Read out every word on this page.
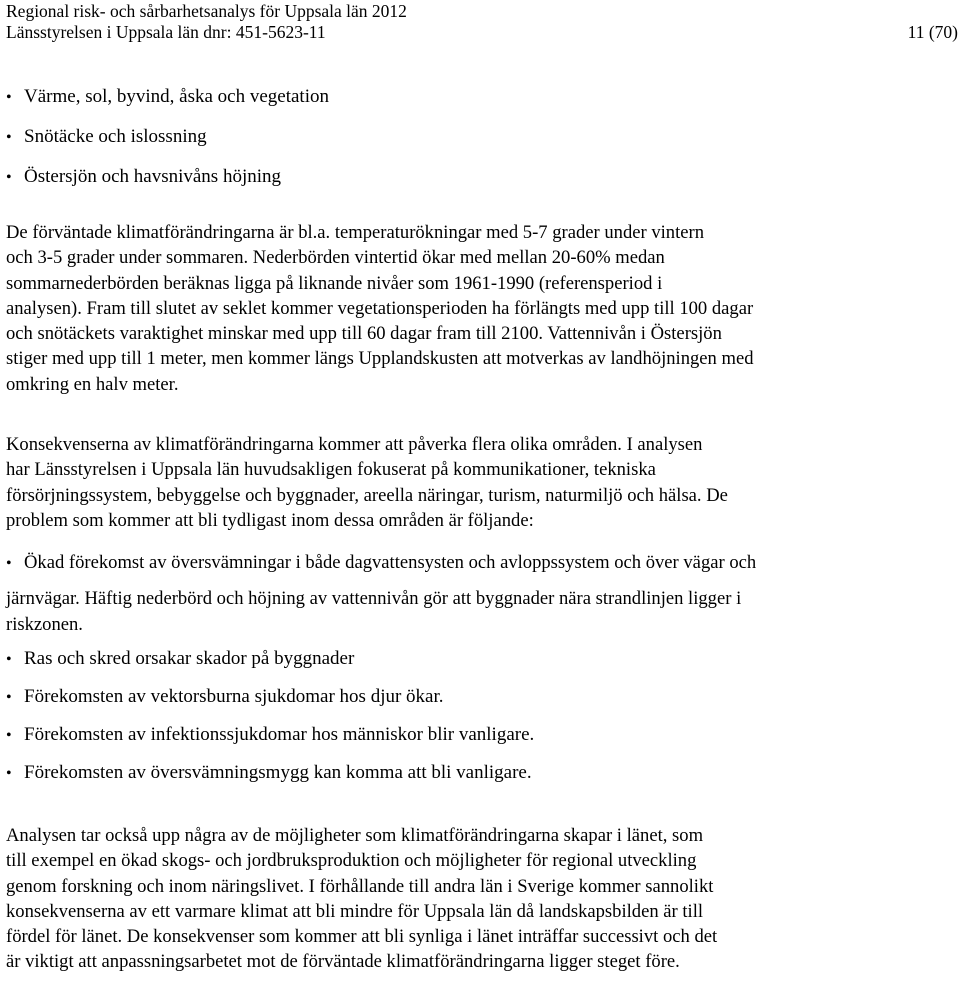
Regional risk- och sårbarhetsanalys för Uppsala län 2012
Länsstyrelsen i Uppsala län dnr: 451-5623-11	11 (70)
• Värme, sol, byvind, åska och vegetation
• Snötäcke och islossning
• Östersjön och havsnivåns höjning
De förväntade klimatförändringarna är bl.a. temperaturökningar med 5-7 grader under vintern
och 3-5 grader under sommaren. Nederbörden vintertid ökar med mellan 20-60% medan
sommarnederbörden beräknas ligga på liknande nivåer som 1961-1990 (referensperiod i
analysen). Fram till slutet av seklet kommer vegetationsperioden ha förlängts med upp till 100 dagar
och snötäckets varaktighet minskar med upp till 60 dagar fram till 2100. Vattennivån i Östersjön
stiger med upp till 1 meter, men kommer längs Upplandskusten att motverkas av landhöjningen med
omkring en halv meter.
Konsekvenserna av klimatförändringarna kommer att påverka flera olika områden. I analysen
har Länsstyrelsen i Uppsala län huvudsakligen fokuserat på kommunikationer, tekniska
försörjningssystem, bebyggelse och byggnader, areella näringar, turism, naturmiljö och hälsa. De
problem som kommer att bli tydligast inom dessa områden är följande:
• Ökad förekomst av översvämningar i både dagvattensysten och avloppssystem och över vägar och
järnvägar. Häftig nederbörd och höjning av vattennivån gör att byggnader nära strandlinjen ligger i
riskzonen.
• Ras och skred orsakar skador på byggnader
• Förekomsten av vektorsburna sjukdomar hos djur ökar.
• Förekomsten av infektionssjukdomar hos människor blir vanligare.
• Förekomsten av översvämningsmygg kan komma att bli vanligare.
Analysen tar också upp några av de möjligheter som klimatförändringarna skapar i länet, som
till exempel en ökad skogs- och jordbruksproduktion och möjligheter för regional utveckling
genom forskning och inom näringslivet. I förhållande till andra län i Sverige kommer sannolikt
konsekvenserna av ett varmare klimat att bli mindre för Uppsala län då landskapsbilden är till
fördel för länet. De konsekvenser som kommer att bli synliga i länet inträffar successivt och det
är viktigt att anpassningsarbetet mot de förväntade klimatförändringarna ligger steget före.
